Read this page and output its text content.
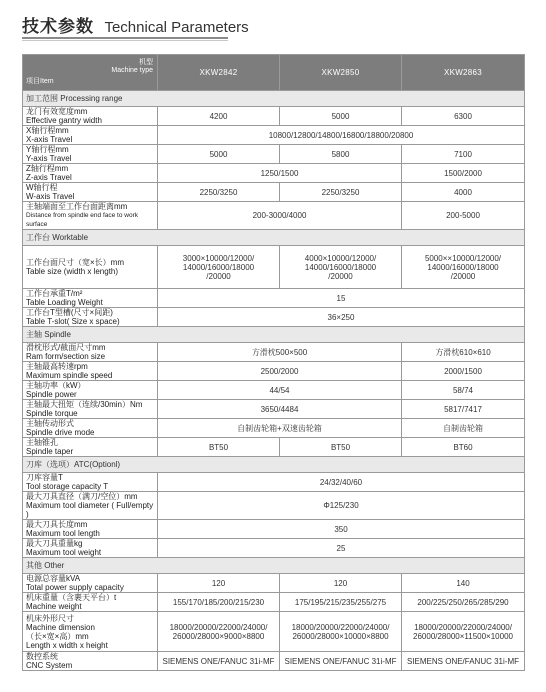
技术参数 Technical Parameters
机型
Machine type
项目Item	XKW2842	XKW2850	XKW2863
加工范围 Processing range			

龙门有效宽度mm
Effective gantry width	4200	5000	6300

X轴行程mm
X-axis Travel	10800/12800/14800/16800/18800/20800		

Y轴行程mm
Y-axis Travel	5000	5800	7100

Z轴行程mm
Z-axis Travel	1250/1500		1500/2000

W轴行程
W-axis Travel	2250/3250	2250/3250	4000

主轴端面至工作台面距离mm
Distance from spindle end face to work surface	200-3000/4000		200-5000
工作台 Worktable			

工作台面尺寸（宽×长）mm
Table size (width x length)	3000×10000/12000/
14000/16000/18000
/20000	4000×10000/12000/
14000/16000/18000
/20000	5000××10000/12000/
14000/16000/18000
/20000

工作台承重T/m²
Table Loading Weight	15		

工作台T型槽(尺寸×间距)
Table T-slot( Size x space)	36×250		
主轴 Spindle			

滑枕形式/截面尺寸mm
Ram form/section size	方滑枕500×500		方滑枕610×610

主轴最高转速rpm
Maximum spindle speed	2500/2000		2000/1500

主轴功率（kW）
Spindle power	44/54		58/74

主轴最大扭矩（连续/30min）Nm
Spindle torque	3650/4484		5817/7417

主轴传动形式
Spindle drive mode	自制齿轮箱+双速齿轮箱		自制齿轮箱

主轴锥孔
Spindle taper	BT50	BT50	BT60
刀库（选项）ATC(Optionl)			

刀库容量T
Tool storage capacity T	24/32/40/60		

最大刀具直径（满刀/空位）mm
Maximum tool diameter ( Full/empty )	Φ125/230		

最大刀具长度mm
Maximum tool length	350		

最大刀具重量kg
Maximum tool weight	25		
其他 Other			

电源总容量kVA
Total power supply capacity	120	120	140

机床重量（含裹天平台）t
Machine weight	155/170/185/200/215/230	175/195/215/235/255/275	200/225/250/265/285/290

机床外形尺寸
Machine dimension
（长×宽×高）mm
Length x width x height	18000/20000/22000/24000/
26000/28000×9000×8800	18000/20000/22000/24000/
26000/28000×10000×8800	18000/20000/22000/24000/
26000/28000×11500×10000

数控系统
CNC System	SIEMENS ONE/FANUC 31i-MF	SIEMENS ONE/FANUC 31i-MF	SIEMENS ONE/FANUC 31i-MF
